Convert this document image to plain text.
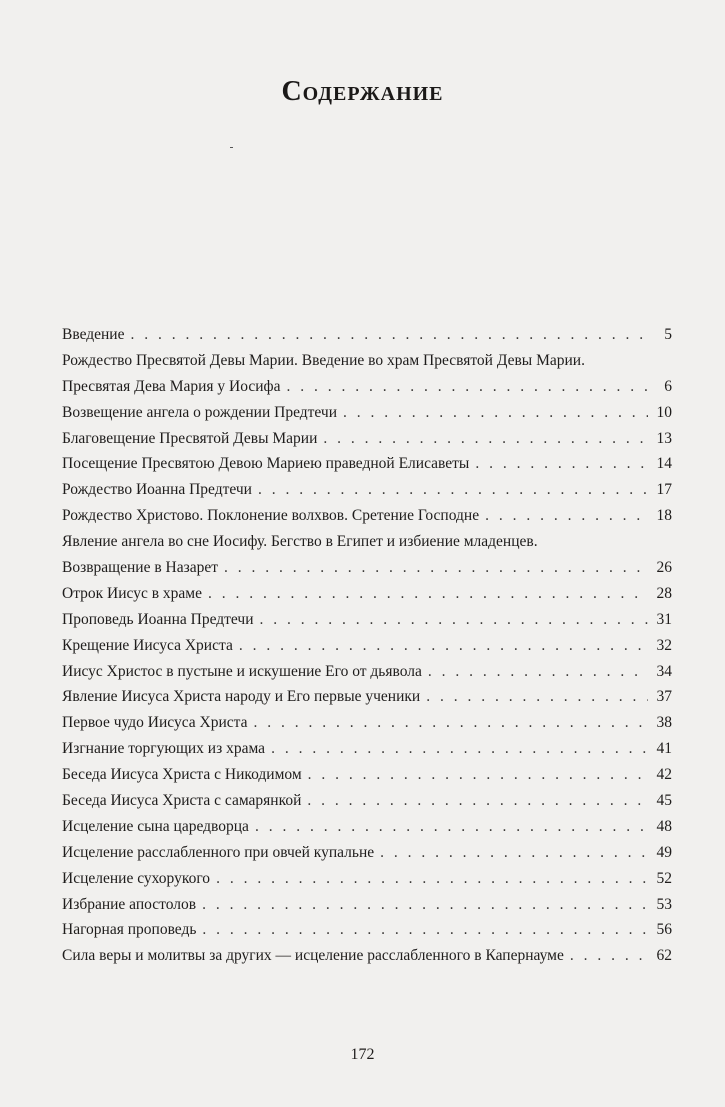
Содержание
Введение . . .	5
Рождество Пресвятой Девы Марии. Введение во храм Пресвятой Девы Марии.
Пресвятая Дева Мария у Иосифа . . .	6
Возвещение ангела о рождении Предтечи . . .	10
Благовещение Пресвятой Девы Марии . . .	13
Посещение Пресвятою Девою Мариею праведной Елисаветы . . .	14
Рождество Иоанна Предтечи . . .	17
Рождество Христово. Поклонение волхвов. Сретение Господне . . .	18
Явление ангела во сне Иосифу. Бегство в Египет и избиение младенцев.
Возвращение в Назарет . . .	26
Отрок Иисус в храме . . .	28
Проповедь Иоанна Предтечи . . .	31
Крещение Иисуса Христа . . .	32
Иисус Христос в пустыне и искушение Его от дьявола . . .	34
Явление Иисуса Христа народу и Его первые ученики . . .	37
Первое чудо Иисуса Христа . . .	38
Изгнание торгующих из храма . . .	41
Беседа Иисуса Христа с Никодимом . . .	42
Беседа Иисуса Христа с самарянкой . . .	45
Исцеление сына царедворца . . .	48
Исцеление расслабленного при овчей купальне . . .	49
Исцеление сухорукого . . .	52
Избрание апостолов . . .	53
Нагорная проповедь . . .	56
Сила веры и молитвы за других — исцеление расслабленного в Капернауме . . .	62
172
